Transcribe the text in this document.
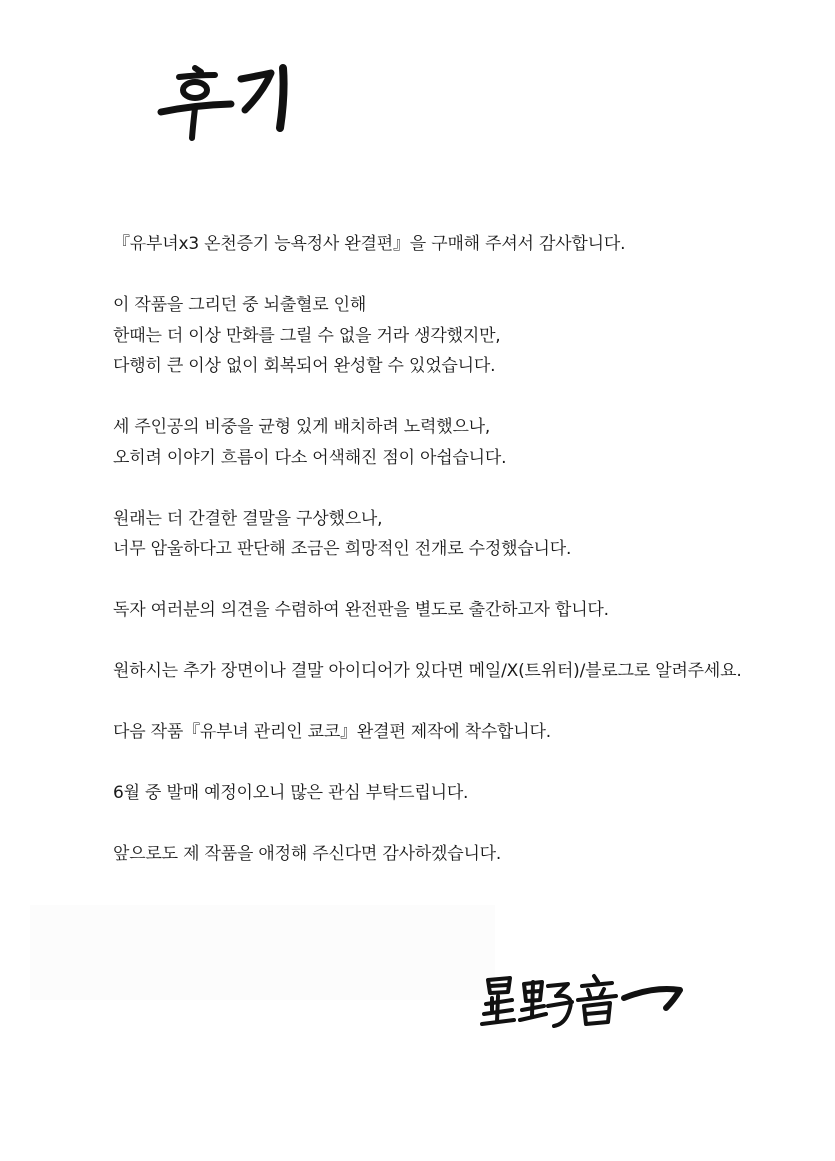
『유부녀x3 온천증기 능욕정사 완결편』을 구매해 주셔서 감사합니다.
이 작품을 그리던 중 뇌출혈로 인해
한때는 더 이상 만화를 그릴 수 없을 거라 생각했지만,
다행히 큰 이상 없이 회복되어 완성할 수 있었습니다.
세 주인공의 비중을 균형 있게 배치하려 노력했으나,
오히려 이야기 흐름이 다소 어색해진 점이 아쉽습니다.
원래는 더 간결한 결말을 구상했으나,
너무 암울하다고 판단해 조금은 희망적인 전개로 수정했습니다.
독자 여러분의 의견을 수렴하여 완전판을 별도로 출간하고자 합니다.
원하시는 추가 장면이나 결말 아이디어가 있다면 메일/X(트위터)/블로그로 알려주세요.
다음 작품『유부녀 관리인 쿄코』완결편 제작에 착수합니다.
6월 중 발매 예정이오니 많은 관심 부탁드립니다.
앞으로도 제 작품을 애정해 주신다면 감사하겠습니다.
